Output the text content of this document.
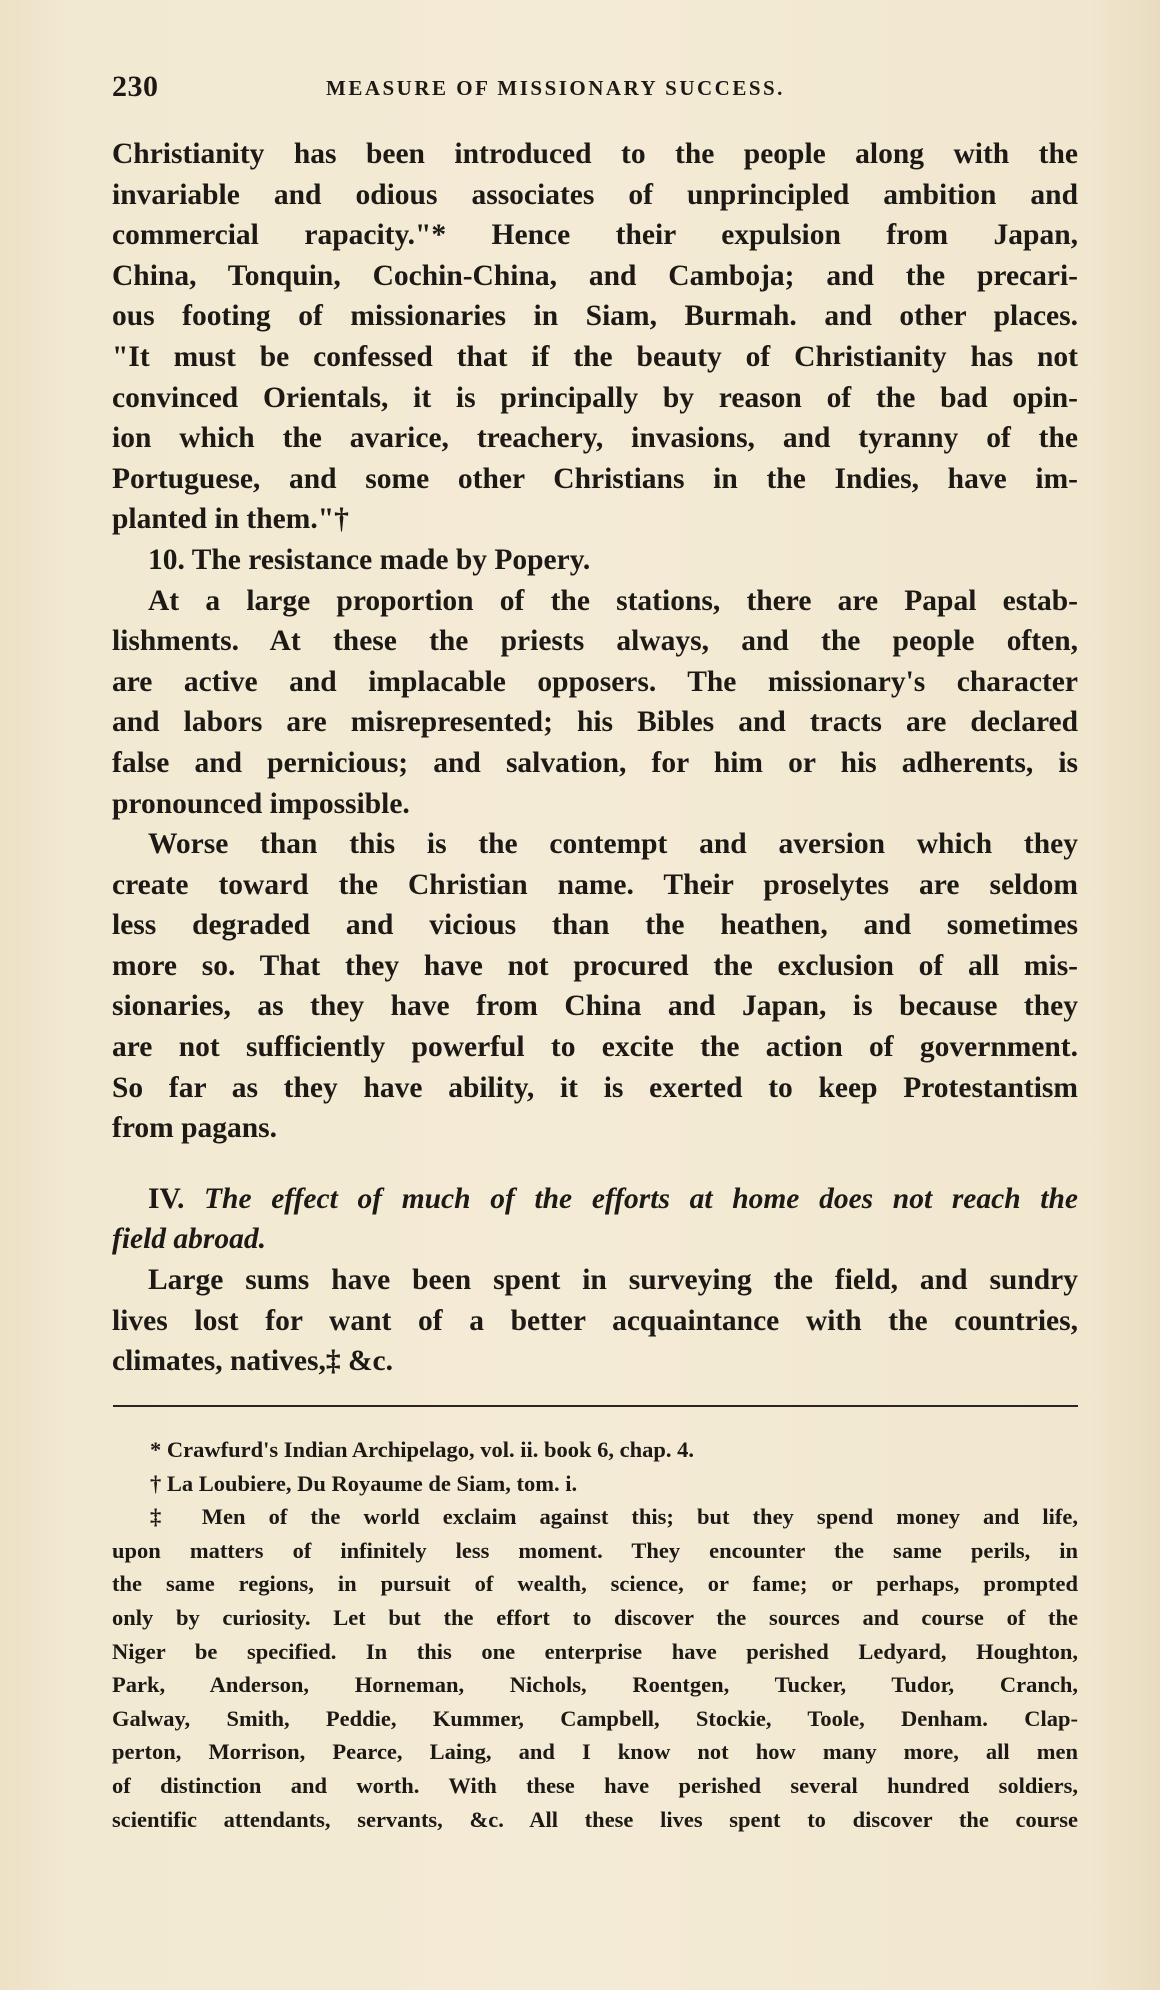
230	MEASURE OF MISSIONARY SUCCESS.
Christianity has been introduced to the people along with the
invariable and odious associates of unprincipled ambition and
commercial rapacity."* Hence their expulsion from Japan,
China, Tonquin, Cochin-China, and Camboja; and the precari-
ous footing of missionaries in Siam, Burmah. and other places.
"It must be confessed that if the beauty of Christianity has not
convinced Orientals, it is principally by reason of the bad opin-
ion which the avarice, treachery, invasions, and tyranny of the
Portuguese, and some other Christians in the Indies, have im-
planted in them."†
10. The resistance made by Popery.
At a large proportion of the stations, there are Papal estab-
lishments. At these the priests always, and the people often,
are active and implacable opposers. The missionary's character
and labors are misrepresented; his Bibles and tracts are declared
false and pernicious; and salvation, for him or his adherents, is
pronounced impossible.
Worse than this is the contempt and aversion which they
create toward the Christian name. Their proselytes are seldom
less degraded and vicious than the heathen, and sometimes
more so. That they have not procured the exclusion of all mis-
sionaries, as they have from China and Japan, is because they
are not sufficiently powerful to excite the action of government.
So far as they have ability, it is exerted to keep Protestantism
from pagans.
IV. The effect of much of the efforts at home does not reach the
field abroad.
Large sums have been spent in surveying the field, and sundry
lives lost for want of a better acquaintance with the countries,
climates, natives,‡ &c.
* Crawfurd's Indian Archipelago, vol. ii. book 6, chap. 4.
† La Loubiere, Du Royaume de Siam, tom. i.
‡ Men of the world exclaim against this; but they spend money and life,
upon matters of infinitely less moment. They encounter the same perils, in
the same regions, in pursuit of wealth, science, or fame; or perhaps, prompted
only by curiosity. Let but the effort to discover the sources and course of the
Niger be specified. In this one enterprise have perished Ledyard, Houghton,
Park, Anderson, Horneman, Nichols, Roentgen, Tucker, Tudor, Cranch,
Galway, Smith, Peddie, Kummer, Campbell, Stockie, Toole, Denham. Clap-
perton, Morrison, Pearce, Laing, and I know not how many more, all men
of distinction and worth. With these have perished several hundred soldiers,
scientific attendants, servants, &c. All these lives spent to discover the course
